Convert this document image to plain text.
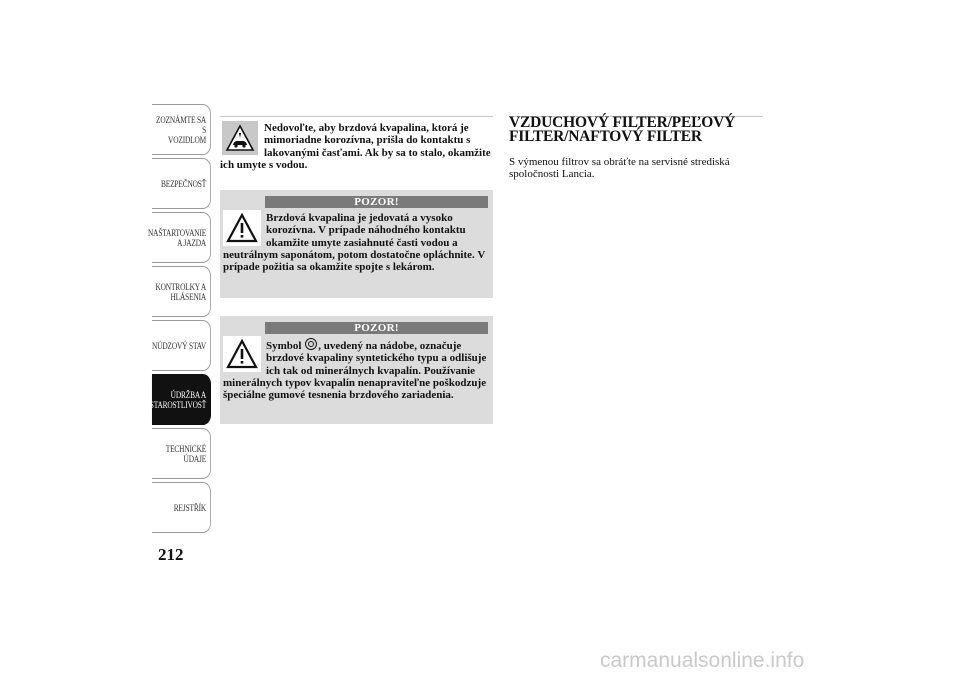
ZOZNÁMTE SA S
VOZIDLOM
BEZPEČNOSŤ
NAŠTARTOVANIE
A JAZDA
KONTROLKY A
HLÁSENIA
NÚDZOVÝ STAV
ÚDRŽBA A
STAROSTLIVOSŤ
TECHNICKÉ
ÚDAJE
REJSTŘÍK
212
Nedovoľte, aby brzdová kvapalina, ktorá je mimoriadne korozívna, prišla do kontaktu s lakovanými časťami. Ak by sa to stalo, okamžite ich umyte s vodou.
POZOR!
Brzdová kvapalina je jedovatá a vysoko korozívna. V prípade náhodného kontaktu okamžite umyte zasiahnuté časti vodou a neutrálnym saponátom, potom dostatočne opláchnite. V prípade požitia sa okamžite spojte s lekárom.
POZOR!
Symbol , uvedený na nádobe, označuje brzdové kvapaliny syntetického typu a odlišuje ich tak od minerálnych kvapalín. Používanie minerálnych typov kvapalín nenapraviteľne poškodzuje špeciálne gumové tesnenia brzdového zariadenia.
VZDUCHOVÝ FILTER/PEĽOVÝ FILTER/NAFTOVÝ FILTER
S výmenou filtrov sa obráťte na servisné strediská spoločnosti Lancia.
carmanualsonline.info
